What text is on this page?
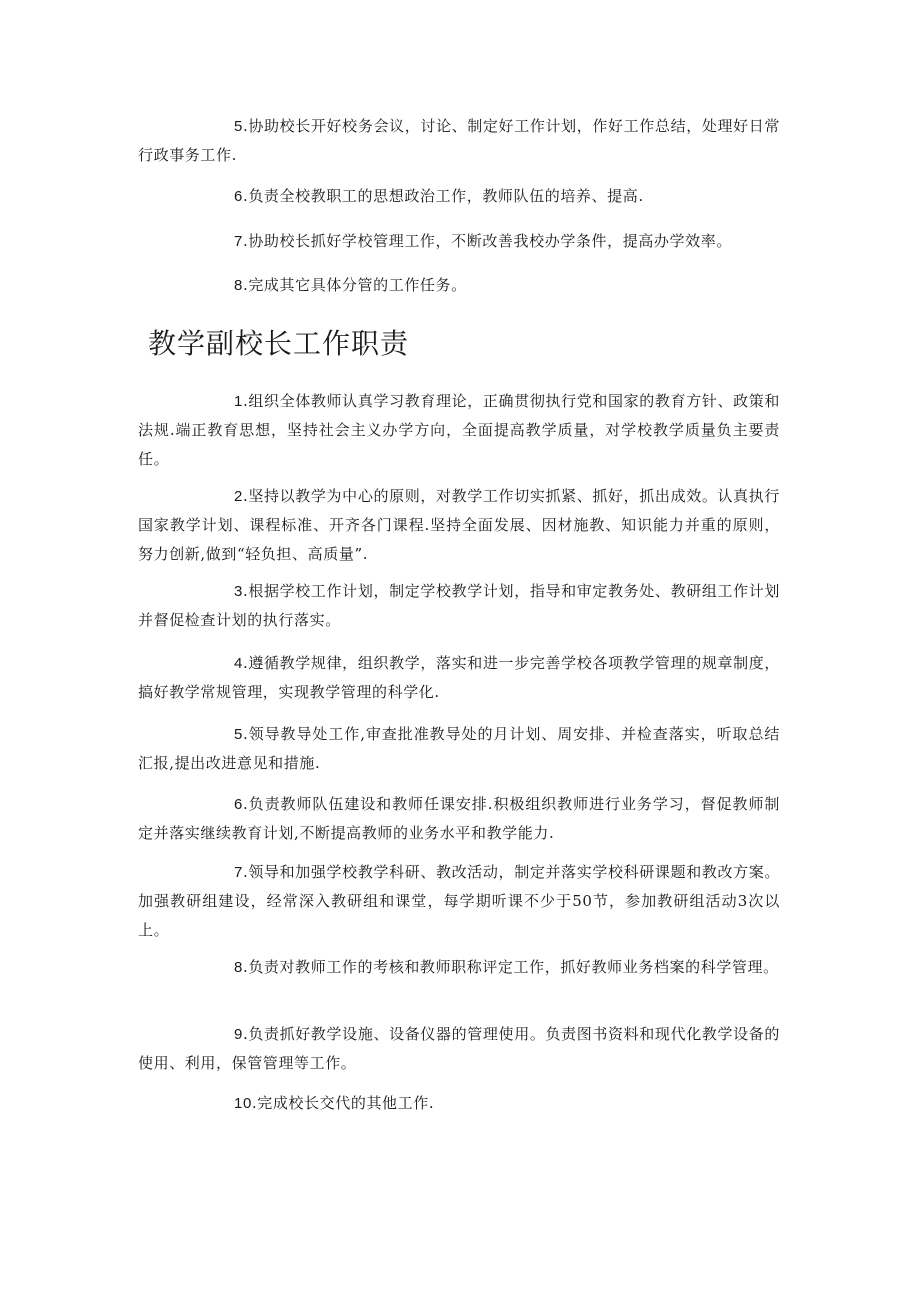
5.协助校长开好校务会议，讨论、制定好工作计划，作好工作总结，处理好日常行政事务工作.

6.负责全校教职工的思想政治工作，教师队伍的培养、提高.

7.协助校长抓好学校管理工作，不断改善我校办学条件，提高办学效率。

8.完成其它具体分管的工作任务。

教学副校长工作职责

1.组织全体教师认真学习教育理论，正确贯彻执行党和国家的教育方针、政策和法规.端正教育思想，坚持社会主义办学方向，全面提高教学质量，对学校教学质量负主要责任。

2.坚持以教学为中心的原则，对教学工作切实抓紧、抓好，抓出成效。认真执行国家教学计划、课程标准、开齐各门课程.坚持全面发展、因材施教、知识能力并重的原则，努力创新,做到“轻负担、高质量”.

3.根据学校工作计划，制定学校教学计划，指导和审定教务处、教研组工作计划并督促检查计划的执行落实。

4.遵循教学规律，组织教学，落实和进一步完善学校各项教学管理的规章制度，搞好教学常规管理，实现教学管理的科学化.

5.领导教导处工作,审查批准教导处的月计划、周安排、并检查落实，听取总结汇报,提出改进意见和措施.

6.负责教师队伍建设和教师任课安排.积极组织教师进行业务学习，督促教师制定并落实继续教育计划,不断提高教师的业务水平和教学能力.

7.领导和加强学校教学科研、教改活动，制定并落实学校科研课题和教改方案。加强教研组建设，经常深入教研组和课堂，每学期听课不少于50节，参加教研组活动3次以上。

8.负责对教师工作的考核和教师职称评定工作，抓好教师业务档案的科学管理。

9.负责抓好教学设施、设备仪器的管理使用。负责图书资料和现代化教学设备的使用、利用，保管管理等工作。

10.完成校长交代的其他工作.
